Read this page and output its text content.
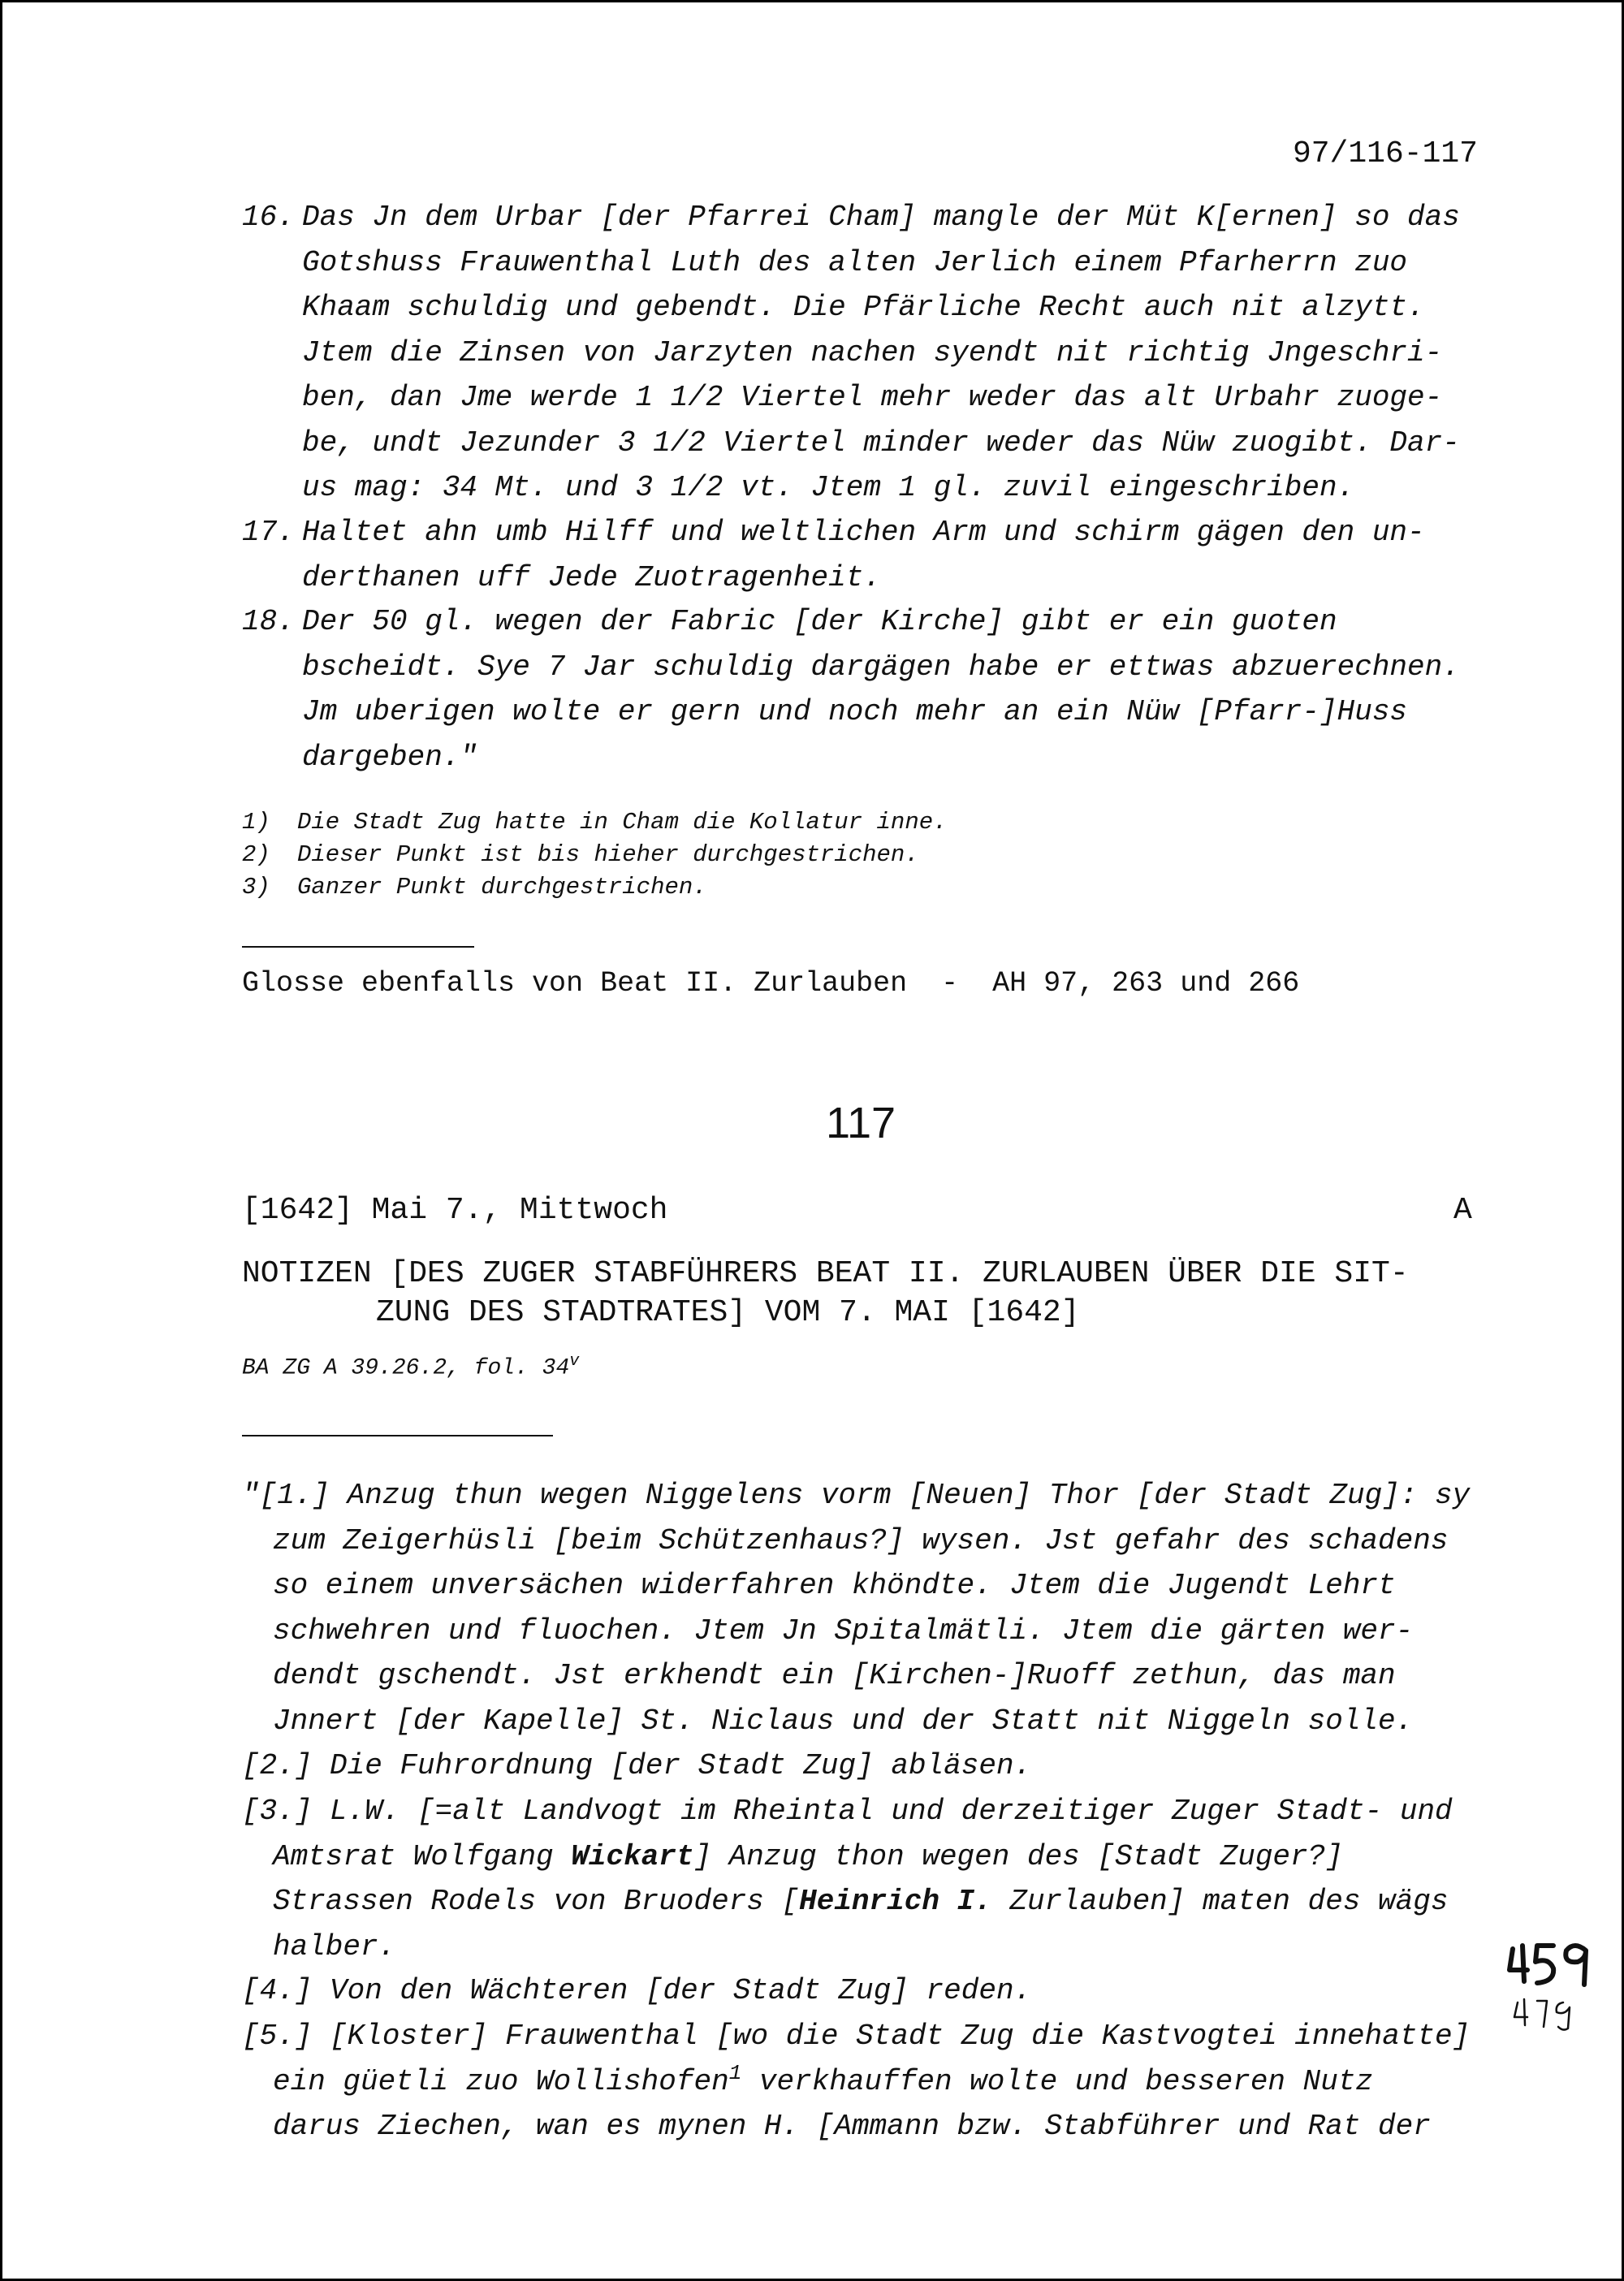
97/116-117
16. Das Jn dem Urbar [der Pfarrei Cham] mangle der Müt K[ernen] so das
Gotshuss Frauwenthal Luth des alten Jerlich einem Pfarherrn zuo
Khaam schuldig und gebendt. Die Pfärliche Recht auch nit alzytt.
Jtem die Zinsen von Jarzyten nachen syendt nit richtig Jngeschri-
ben, dan Jme werde 1 1/2 Viertel mehr weder das alt Urbahr zuoge-
be, undt Jezunder 3 1/2 Viertel minder weder das Nüw zuogibt. Dar-
us mag: 34 Mt. und 3 1/2 vt. Jtem 1 gl. zuvil eingeschriben.
17. Haltet ahn umb Hilff und weltlichen Arm und schirm gägen den un-
derthanen uff Jede Zuotragenheit.
18. Der 50 gl. wegen der Fabric [der Kirche] gibt er ein guoten
bscheidt. Sye 7 Jar schuldig dargägen habe er ettwas abzuerechnen.
Jm uberigen wolte er gern und noch mehr an ein Nüw [Pfarr-]Huss
dargeben."
1) Die Stadt Zug hatte in Cham die Kollatur inne.
2) Dieser Punkt ist bis hieher durchgestrichen.
3) Ganzer Punkt durchgestrichen.
Glosse ebenfalls von Beat II. Zurlauben  -  AH 97, 263 und 266
117
[1642] Mai 7., Mittwoch	A
NOTIZEN [DES ZUGER STABFÜHRERS BEAT II. ZURLAUBEN ÜBER DIE SIT-
ZUNG DES STADTRATES] VOM 7. MAI [1642]
BA ZG A 39.26.2, fol. 34$^v$
"[1.] Anzug thun wegen Niggelens vorm [Neuen] Thor [der Stadt Zug]: sy
zum Zeigerhüsli [beim Schützenhaus?] wysen. Jst gefahr des schadens
so einem unversächen widerfahren khöndte. Jtem die Jugendt Lehrt
schwehren und fluochen. Jtem Jn Spitalmätli. Jtem die gärten wer-
dendt gschendt. Jst erkhendt ein [Kirchen-]Ruoff zethun, das man
Jnnert [der Kapelle] St. Niclaus und der Statt nit Niggeln solle.
[2.] Die Fuhrordnung [der Stadt Zug] abläsen.
[3.] L.W. [=alt Landvogt im Rheintal und derzeitiger Zuger Stadt- und
Amtsrat Wolfgang Wickart] Anzug thon wegen des [Stadt Zuger?]
Strassen Rodels von Bruoders [Heinrich I. Zurlauben] maten des wägs
halber.
[4.] Von den Wächteren [der Stadt Zug] reden.
[5.] [Kloster] Frauwenthal [wo die Stadt Zug die Kastvogtei innehatte]
ein güetli zuo Wollishofen$^1$ verkhauffen wolte und besseren Nutz
darus Ziechen, wan es mynen H. [Ammann bzw. Stabführer und Rat der
